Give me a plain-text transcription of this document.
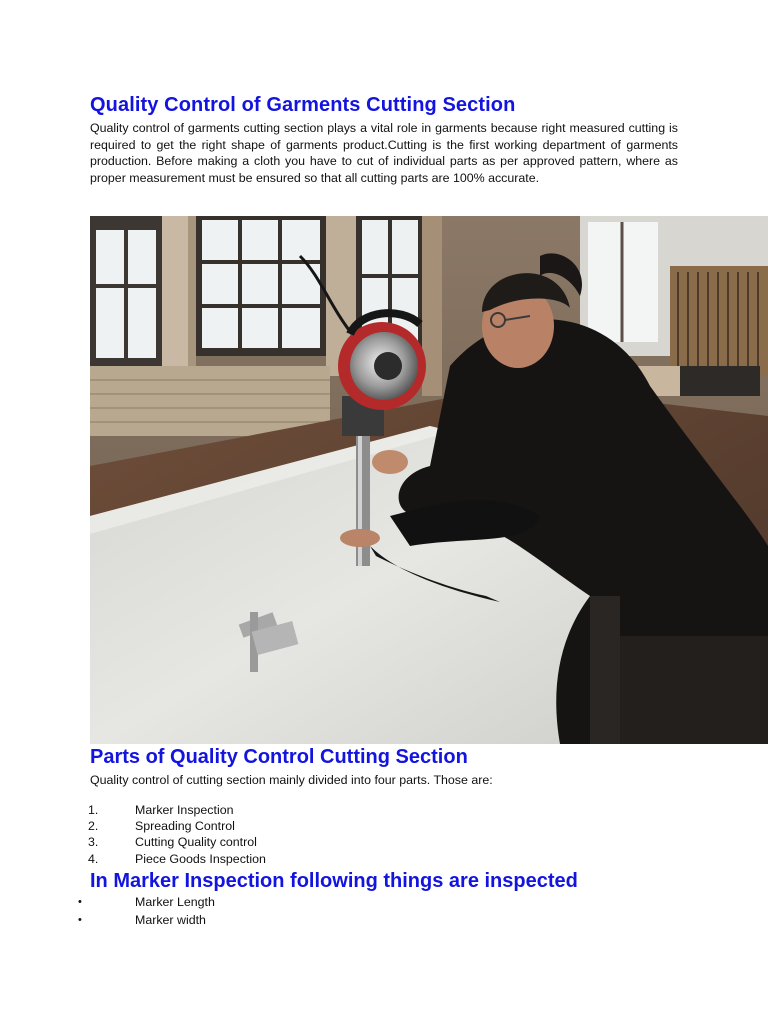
Quality Control of Garments Cutting Section

Quality control of garments cutting section plays a vital role in garments because right measured cutting is required to get the right shape of garments product.Cutting is the first working department of garments production. Before making a cloth you have to cut of individual parts as per approved pattern, where as proper measurement must be ensured so that all cutting parts are 100% accurate.

Parts of Quality Control Cutting Section

Quality control of cutting section mainly divided into four parts. Those are:

1.	Marker Inspection
2.	Spreading Control
3.	Cutting Quality control
4.	Piece Goods Inspection
In Marker Inspection following things are inspected
•	Marker Length
•	Marker width
